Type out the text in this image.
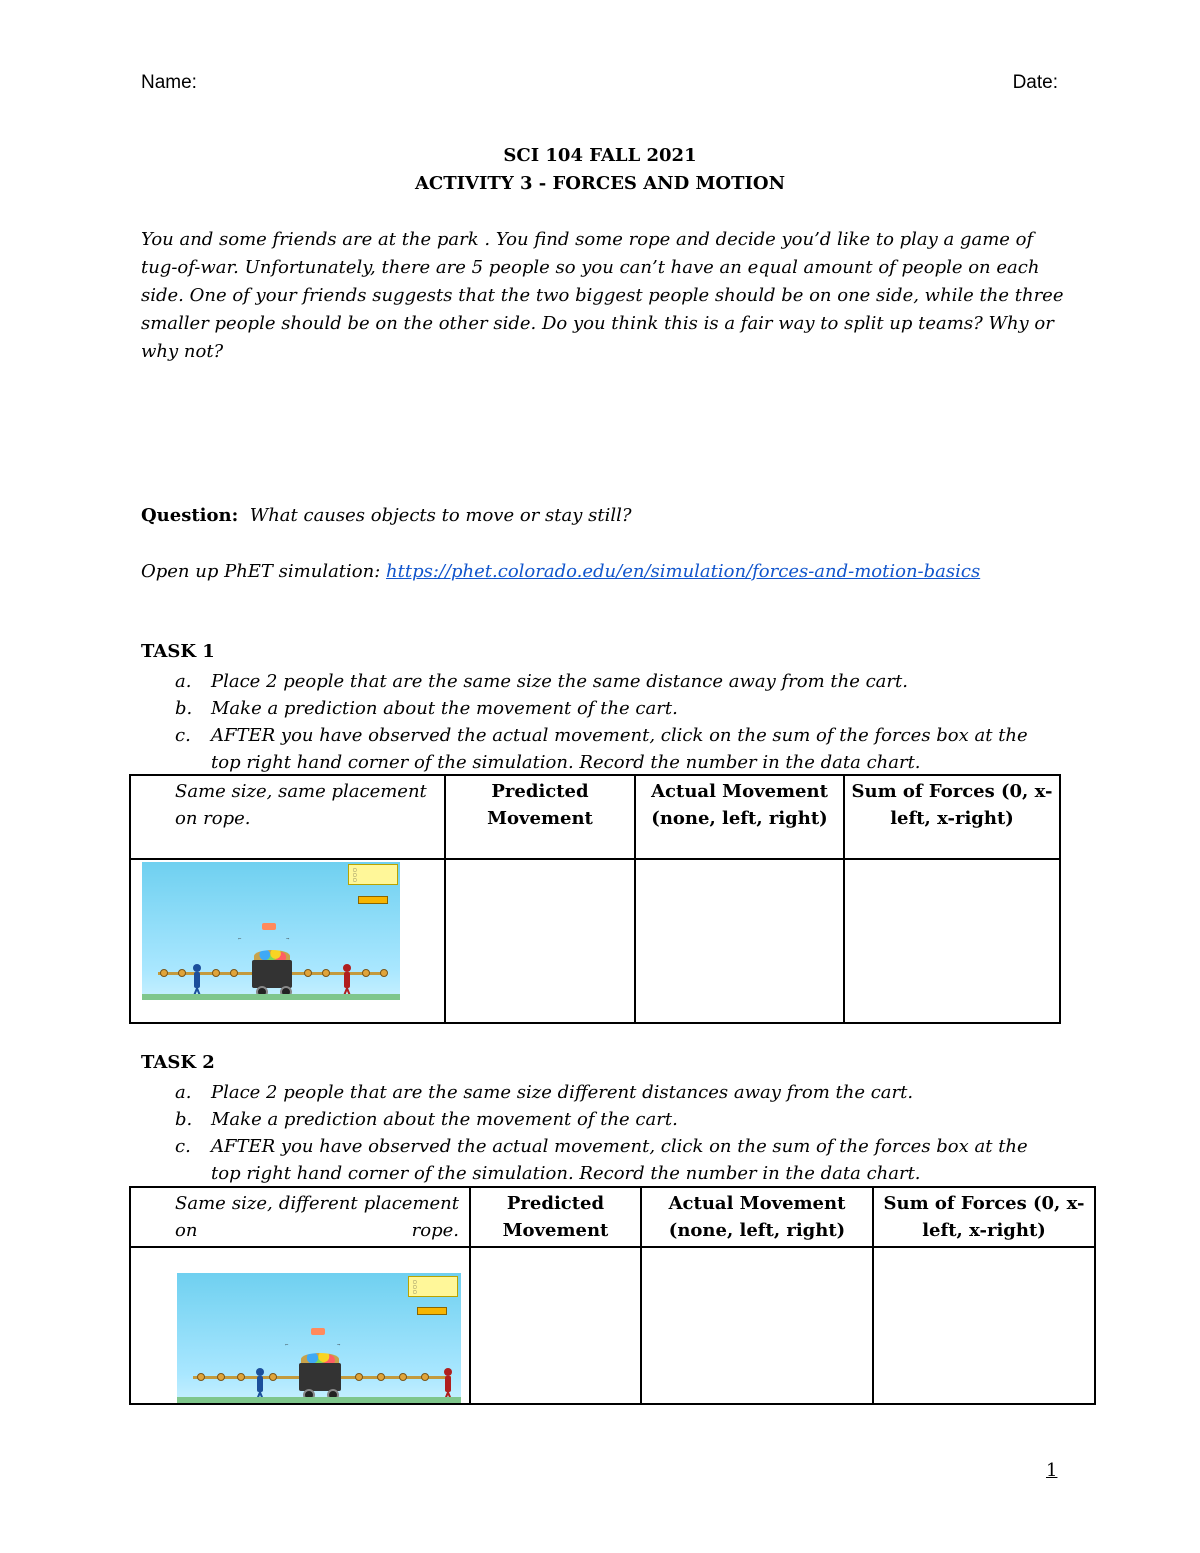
Name:	Date:
SCI 104 FALL 2021
ACTIVITY 3 - FORCES AND MOTION

You and some friends are at the park . You find some rope and decide you’d like to play a game of tug-of-war. Unfortunately, there are 5 people so you can’t have an equal amount of people on each side. One of your friends suggests that the two biggest people should be on one side, while the three smaller people should be on the other side. Do you think this is a fair way to split up teams? Why or why not?

Question: What causes objects to move or stay still?

Open up PhET simulation: https://phet.colorado.edu/en/simulation/forces-and-motion-basics

TASK 1
a. Place 2 people that are the same size the same distance away from the cart.
b. Make a prediction about the movement of the cart.
c. AFTER you have observed the actual movement, click on the sum of the forces box at the top right hand corner of the simulation. Record the number in the data chart.
Same size, same placement on rope.	Predicted Movement	Actual Movement (none, left, right)	Sum of Forces (0, x-left, x-right)

▢
▢
▢
← →			

TASK 2
a. Place 2 people that are the same size different distances away from the cart.
b. Make a prediction about the movement of the cart.
c. AFTER you have observed the actual movement, click on the sum of the forces box at the top right hand corner of the simulation. Record the number in the data chart.
Same size, different placement on rope.	Predicted Movement	Actual Movement (none, left, right)	Sum of Forces (0, x-left, x-right)

▢
▢
▢
← →			

1
